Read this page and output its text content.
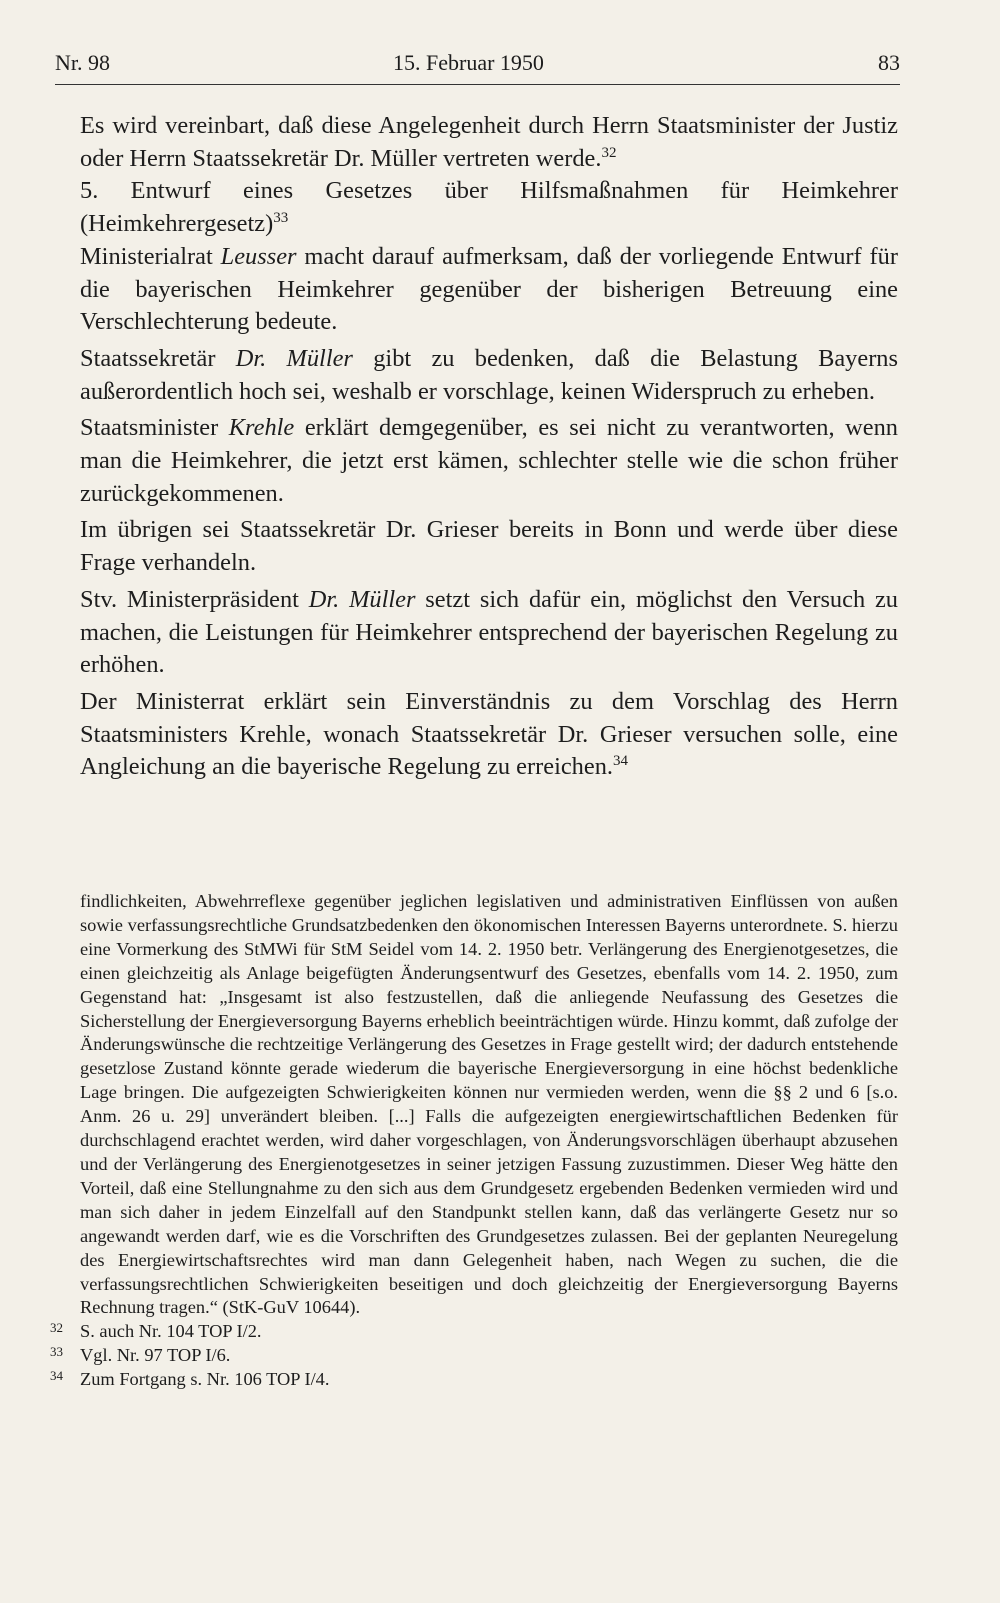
Nr. 98	15. Februar 1950	83

Es wird vereinbart, daß diese Angelegenheit durch Herrn Staatsminister der Justiz oder Herrn Staatssekretär Dr. Müller vertreten werde.$^{32}$

5. Entwurf eines Gesetzes über Hilfsmaßnahmen für Heimkehrer (Heimkehrergesetz)$^{33}$

Ministerialrat Leusser macht darauf aufmerksam, daß der vorliegende Entwurf für die bayerischen Heimkehrer gegenüber der bisherigen Betreuung eine Verschlechterung bedeute.

Staatssekretär Dr. Müller gibt zu bedenken, daß die Belastung Bayerns außerordentlich hoch sei, weshalb er vorschlage, keinen Widerspruch zu erheben.

Staatsminister Krehle erklärt demgegenüber, es sei nicht zu verantworten, wenn man die Heimkehrer, die jetzt erst kämen, schlechter stelle wie die schon früher zurückgekommenen.

Im übrigen sei Staatssekretär Dr. Grieser bereits in Bonn und werde über diese Frage verhandeln.

Stv. Ministerpräsident Dr. Müller setzt sich dafür ein, möglichst den Versuch zu machen, die Leistungen für Heimkehrer entsprechend der bayerischen Regelung zu erhöhen.

Der Ministerrat erklärt sein Einverständnis zu dem Vorschlag des Herrn Staatsministers Krehle, wonach Staatssekretär Dr. Grieser versuchen solle, eine Angleichung an die bayerische Regelung zu erreichen.$^{34}$

findlichkeiten, Abwehrreflexe gegenüber jeglichen legislativen und administrativen Einflüssen von außen sowie verfassungsrechtliche Grundsatzbedenken den ökonomischen Interessen Bayerns unterordnete. S. hierzu eine Vormerkung des StMWi für StM Seidel vom 14. 2. 1950 betr. Verlängerung des Energienotgesetzes, die einen gleichzeitig als Anlage beigefügten Änderungsentwurf des Gesetzes, ebenfalls vom 14. 2. 1950, zum Gegenstand hat: „Insgesamt ist also festzustellen, daß die anliegende Neufassung des Gesetzes die Sicherstellung der Energieversorgung Bayerns erheblich beeinträchtigen würde. Hinzu kommt, daß zufolge der Änderungswünsche die rechtzeitige Verlängerung des Gesetzes in Frage gestellt wird; der dadurch entstehende gesetzlose Zustand könnte gerade wiederum die bayerische Energieversorgung in eine höchst bedenkliche Lage bringen. Die aufgezeigten Schwierigkeiten können nur vermieden werden, wenn die §§ 2 und 6 [s.o. Anm. 26 u. 29] unverändert bleiben. [...] Falls die aufgezeigten energiewirtschaftlichen Bedenken für durchschlagend erachtet werden, wird daher vorgeschlagen, von Änderungsvorschlägen überhaupt abzusehen und der Verlängerung des Energienotgesetzes in seiner jetzigen Fassung zuzustimmen. Dieser Weg hätte den Vorteil, daß eine Stellungnahme zu den sich aus dem Grundgesetz ergebenden Bedenken vermieden wird und man sich daher in jedem Einzelfall auf den Standpunkt stellen kann, daß das verlängerte Gesetz nur so angewandt werden darf, wie es die Vorschriften des Grundgesetzes zulassen. Bei der geplanten Neuregelung des Energiewirtschaftsrechtes wird man dann Gelegenheit haben, nach Wegen zu suchen, die die verfassungsrechtlichen Schwierigkeiten beseitigen und doch gleichzeitig der Energieversorgung Bayerns Rechnung tragen.“ (StK-GuV 10644).

32 S. auch Nr. 104 TOP I/2.

33 Vgl. Nr. 97 TOP I/6.

34 Zum Fortgang s. Nr. 106 TOP I/4.
